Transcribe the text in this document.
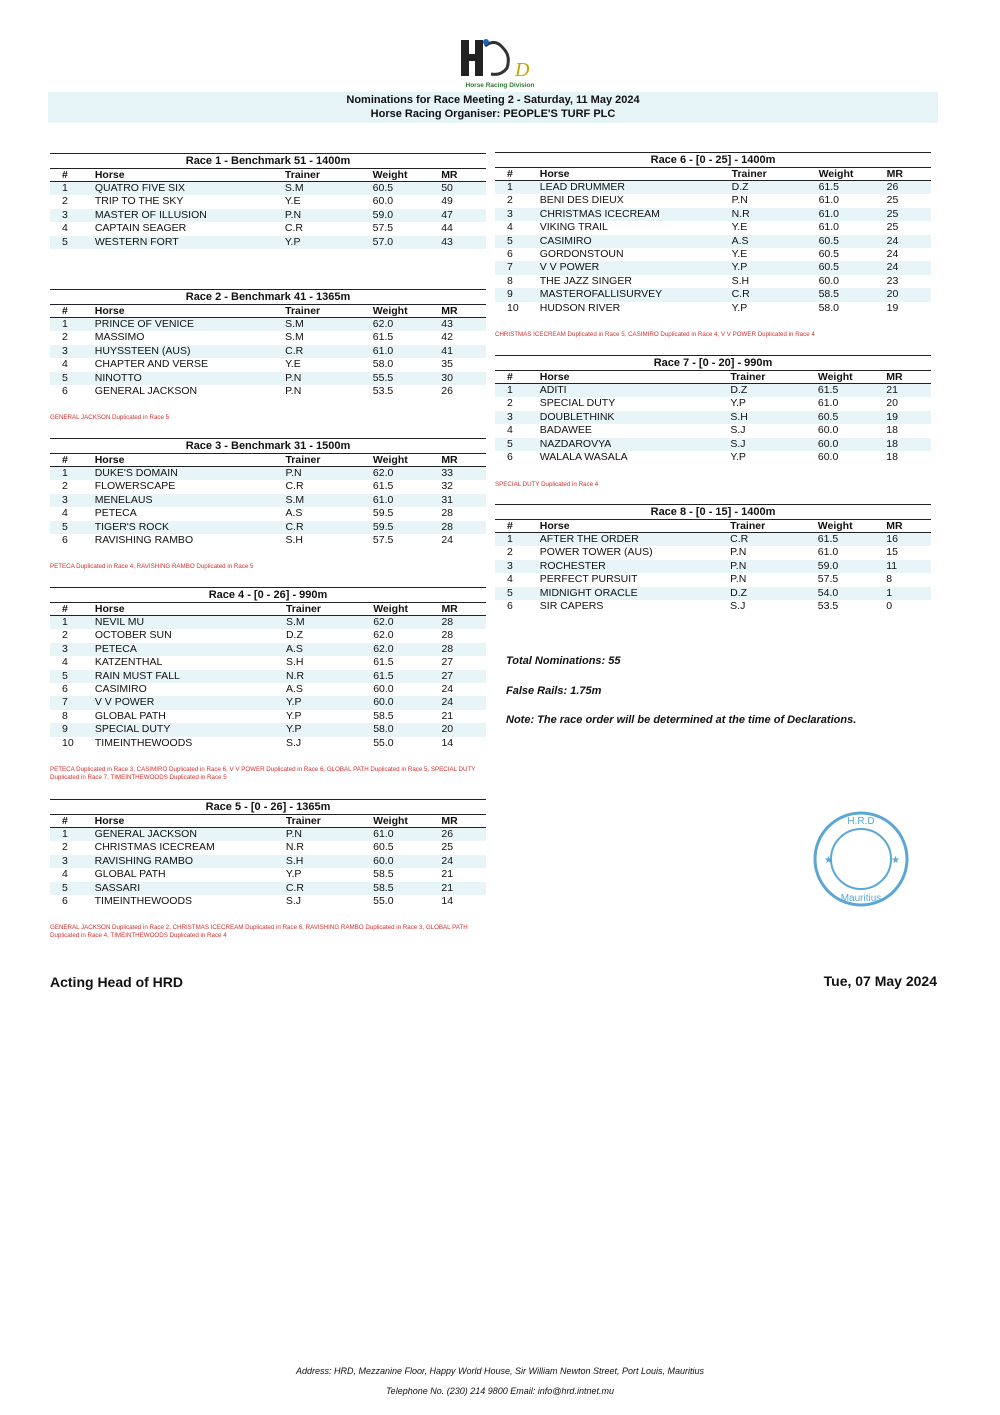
D
Horse Racing Division
Nominations for Race Meeting 2 - Saturday, 11 May 2024
Horse Racing Organiser: PEOPLE'S TURF PLC
Race 1 - Benchmark 51 - 1400m
#	Horse	Trainer	Weight	MR
1	QUATRO FIVE SIX	S.M	60.5	50
2	TRIP TO THE SKY	Y.E	60.0	49
3	MASTER OF ILLUSION	P.N	59.0	47
4	CAPTAIN SEAGER	C.R	57.5	44
5	WESTERN FORT	Y.P	57.0	43
Race 2 - Benchmark 41 - 1365m
#	Horse	Trainer	Weight	MR
1	PRINCE OF VENICE	S.M	62.0	43
2	MASSIMO	S.M	61.5	42
3	HUYSSTEEN (AUS)	C.R	61.0	41
4	CHAPTER AND VERSE	Y.E	58.0	35
5	NINOTTO	P.N	55.5	30
6	GENERAL JACKSON	P.N	53.5	26
Race 3 - Benchmark 31 - 1500m
#	Horse	Trainer	Weight	MR
1	DUKE'S DOMAIN	P.N	62.0	33
2	FLOWERSCAPE	C.R	61.5	32
3	MENELAUS	S.M	61.0	31
4	PETECA	A.S	59.5	28
5	TIGER'S ROCK	C.R	59.5	28
6	RAVISHING RAMBO	S.H	57.5	24
Race 4 - [0 - 26] - 990m
#	Horse	Trainer	Weight	MR
1	NEVIL MU	S.M	62.0	28
2	OCTOBER SUN	D.Z	62.0	28
3	PETECA	A.S	62.0	28
4	KATZENTHAL	S.H	61.5	27
5	RAIN MUST FALL	N.R	61.5	27
6	CASIMIRO	A.S	60.0	24
7	V V POWER	Y.P	60.0	24
8	GLOBAL PATH	Y.P	58.5	21
9	SPECIAL DUTY	Y.P	58.0	20
10	TIMEINTHEWOODS	S.J	55.0	14
Race 5 - [0 - 26] - 1365m
#	Horse	Trainer	Weight	MR
1	GENERAL JACKSON	P.N	61.0	26
2	CHRISTMAS ICECREAM	N.R	60.5	25
3	RAVISHING RAMBO	S.H	60.0	24
4	GLOBAL PATH	Y.P	58.5	21
5	SASSARI	C.R	58.5	21
6	TIMEINTHEWOODS	S.J	55.0	14
Race 6 - [0 - 25] - 1400m
#	Horse	Trainer	Weight	MR
1	LEAD DRUMMER	D.Z	61.5	26
2	BENI DES DIEUX	P.N	61.0	25
3	CHRISTMAS ICECREAM	N.R	61.0	25
4	VIKING TRAIL	Y.E	61.0	25
5	CASIMIRO	A.S	60.5	24
6	GORDONSTOUN	Y.E	60.5	24
7	V V POWER	Y.P	60.5	24
8	THE JAZZ SINGER	S.H	60.0	23
9	MASTEROFALLISURVEY	C.R	58.5	20
10	HUDSON RIVER	Y.P	58.0	19
Race 7 - [0 - 20] - 990m
#	Horse	Trainer	Weight	MR
1	ADITI	D.Z	61.5	21
2	SPECIAL DUTY	Y.P	61.0	20
3	DOUBLETHINK	S.H	60.5	19
4	BADAWEE	S.J	60.0	18
5	NAZDAROVYA	S.J	60.0	18
6	WALALA WASALA	Y.P	60.0	18
Race 8 - [0 - 15] - 1400m
#	Horse	Trainer	Weight	MR
1	AFTER THE ORDER	C.R	61.5	16
2	POWER TOWER (AUS)	P.N	61.0	15
3	ROCHESTER	P.N	59.0	11
4	PERFECT PURSUIT	P.N	57.5	8
5	MIDNIGHT ORACLE	D.Z	54.0	1
6	SIR CAPERS	S.J	53.5	0
GENERAL JACKSON Duplicated in Race 5
PETECA Duplicated in Race 4, RAVISHING RAMBO Duplicated in Race 5
PETECA Duplicated in Race 3, CASIMIRO Duplicated in Race 6, V V POWER Duplicated in Race 6, GLOBAL PATH Duplicated in Race 5, SPECIAL DUTY Duplicated in Race 7, TIMEINTHEWOODS Duplicated in Race 5
GENERAL JACKSON Duplicated in Race 2, CHRISTMAS ICECREAM Duplicated in Race 6, RAVISHING RAMBO Duplicated in Race 3, GLOBAL PATH Duplicated in Race 4, TIMEINTHEWOODS Duplicated in Race 4
CHRISTMAS ICECREAM Duplicated in Race 5, CASIMIRO Duplicated in Race 4, V V POWER Duplicated in Race 4
SPECIAL DUTY Duplicated in Race 4
Total Nominations: 55
False Rails: 1.75m
Note: The race order will be determined at the time of Declarations.
H.R.D
Mauritius
★	★
Acting Head of HRD	Tue, 07 May 2024
Address: HRD, Mezzanine Floor, Happy World House, Sir William Newton Street, Port Louis, Mauritius
Telephone No. (230) 214 9800 Email: info@hrd.intnet.mu
